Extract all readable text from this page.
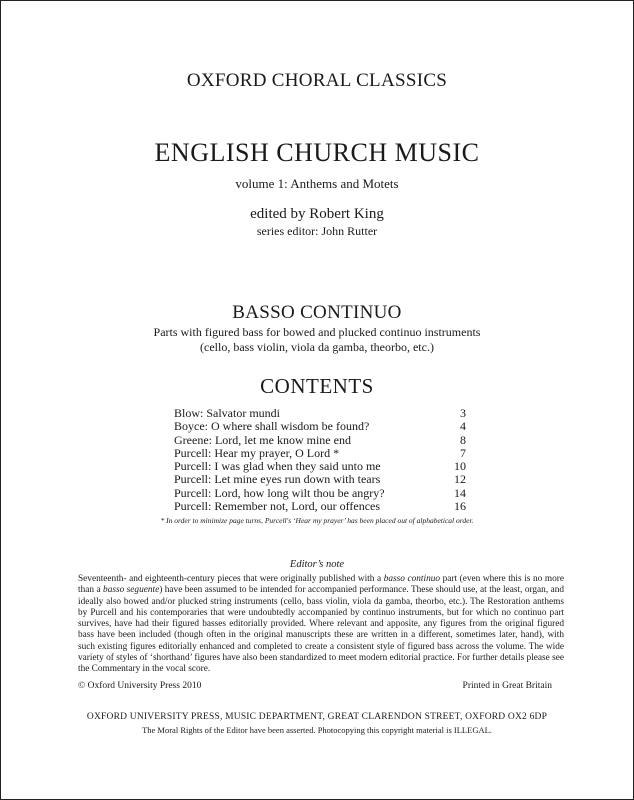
OXFORD CHORAL CLASSICS
ENGLISH CHURCH MUSIC
volume 1: Anthems and Motets
edited by Robert King
series editor: John Rutter
BASSO CONTINUO
Parts with figured bass for bowed and plucked continuo instruments
(cello, bass violin, viola da gamba, theorbo, etc.)
CONTENTS
Blow: Salvator mundi	3
Boyce: O where shall wisdom be found?	4
Greene: Lord, let me know mine end	8
Purcell: Hear my prayer, O Lord *	7
Purcell: I was glad when they said unto me	10
Purcell: Let mine eyes run down with tears	12
Purcell: Lord, how long wilt thou be angry?	14
Purcell: Remember not, Lord, our offences	16
* In order to minimize page turns, Purcell's ‘Hear my prayer’ has been placed out of alphabetical order.
Editor’s note
Seventeenth- and eighteenth-century pieces that were originally published with a basso continuo part (even where this is no more than a basso seguente) have been assumed to be intended for accompanied performance. These should use, at the least, organ, and ideally also bowed and/or plucked string instruments (cello, bass violin, viola da gamba, theorbo, etc.). The Restoration anthems by Purcell and his contemporaries that were undoubtedly accompanied by continuo instruments, but for which no continuo part survives, have had their figured basses editorially provided. Where relevant and apposite, any figures from the original figured bass have been included (though often in the original manuscripts these are written in a different, sometimes later, hand), with such existing figures editorially enhanced and completed to create a consistent style of figured bass across the volume. The wide variety of styles of ‘shorthand’ figures have also been standardized to meet modern editorial practice. For further details please see the Commentary in the vocal score.
© Oxford University Press 2010	Printed in Great Britain
OXFORD UNIVERSITY PRESS, MUSIC DEPARTMENT, GREAT CLARENDON STREET, OXFORD OX2 6DP
The Moral Rights of the Editor have been asserted. Photocopying this copyright material is ILLEGAL.
